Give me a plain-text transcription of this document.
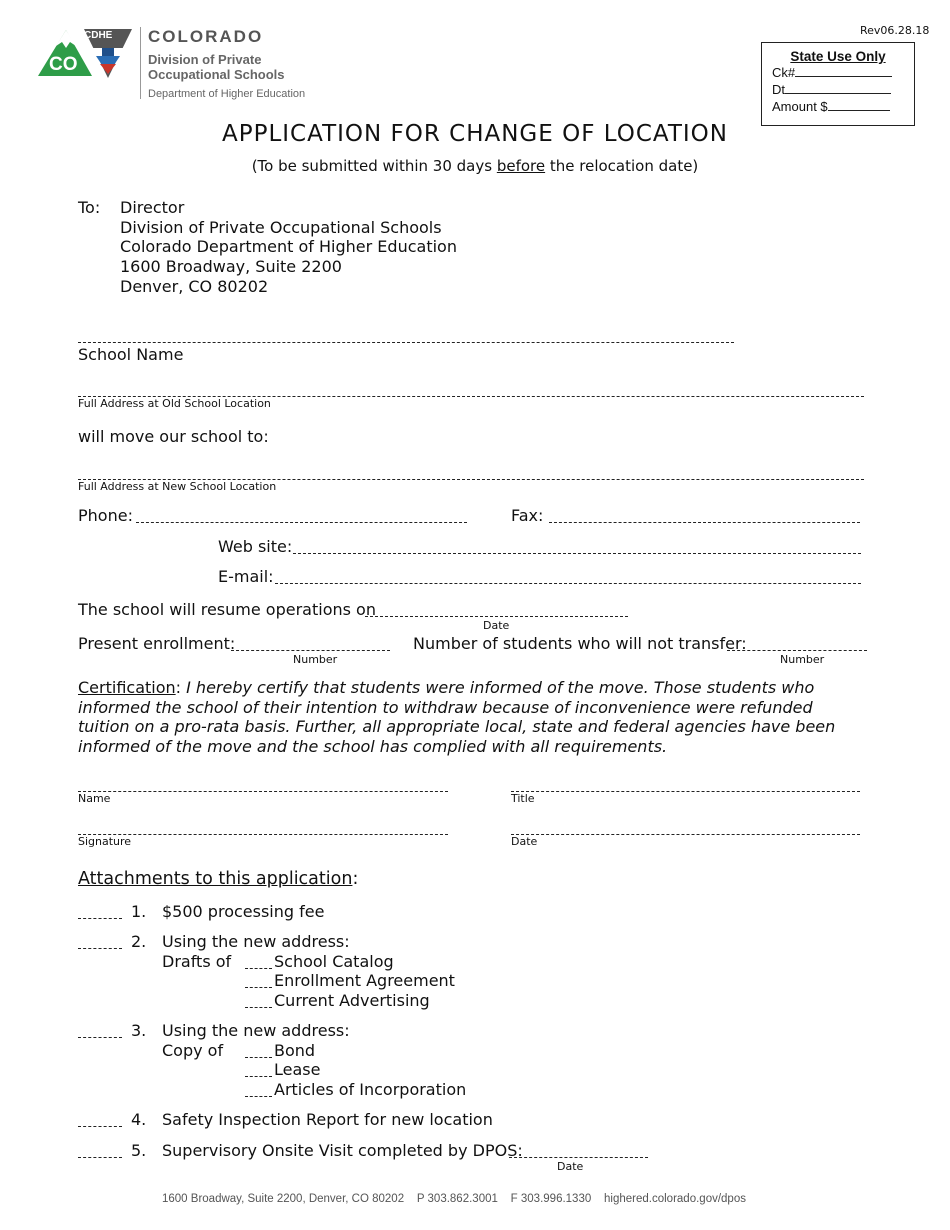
Rev06.28.18
CDHE
CO
COLORADO
Division of Private
Occupational Schools
Department of Higher Education
State Use Only
Ck#
Dt
Amount $
APPLICATION FOR CHANGE OF LOCATION
(To be submitted within 30 days before the relocation date)
To: Director
Division of Private Occupational Schools
Colorado Department of Higher Education
1600 Broadway, Suite 2200
Denver, CO 80202
School Name
Full Address at Old School Location
will move our school to:
Full Address at New School Location
Phone:	Fax:
Web site:
E-mail:
The school will resume operations on
Date
Present enrollment:
Number
Number of students who will not transfer:
Number
Certification: I hereby certify that students were informed of the move. Those students who informed the school of their intention to withdraw because of inconvenience were refunded tuition on a pro-rata basis. Further, all appropriate local, state and federal agencies have been informed of the move and the school has complied with all requirements.
Name	Title
Signature	Date
Attachments to this application:
1. $500 processing fee
2. Using the new address:
Drafts of	School Catalog
Enrollment Agreement
Current Advertising
3. Using the new address:
Copy of	Bond
Lease
Articles of Incorporation
4. Safety Inspection Report for new location
5. Supervisory Onsite Visit completed by DPOS:
Date
1600 Broadway, Suite 2200, Denver, CO 80202 P 303.862.3001 F 303.996.1330 highered.colorado.gov/dpos
